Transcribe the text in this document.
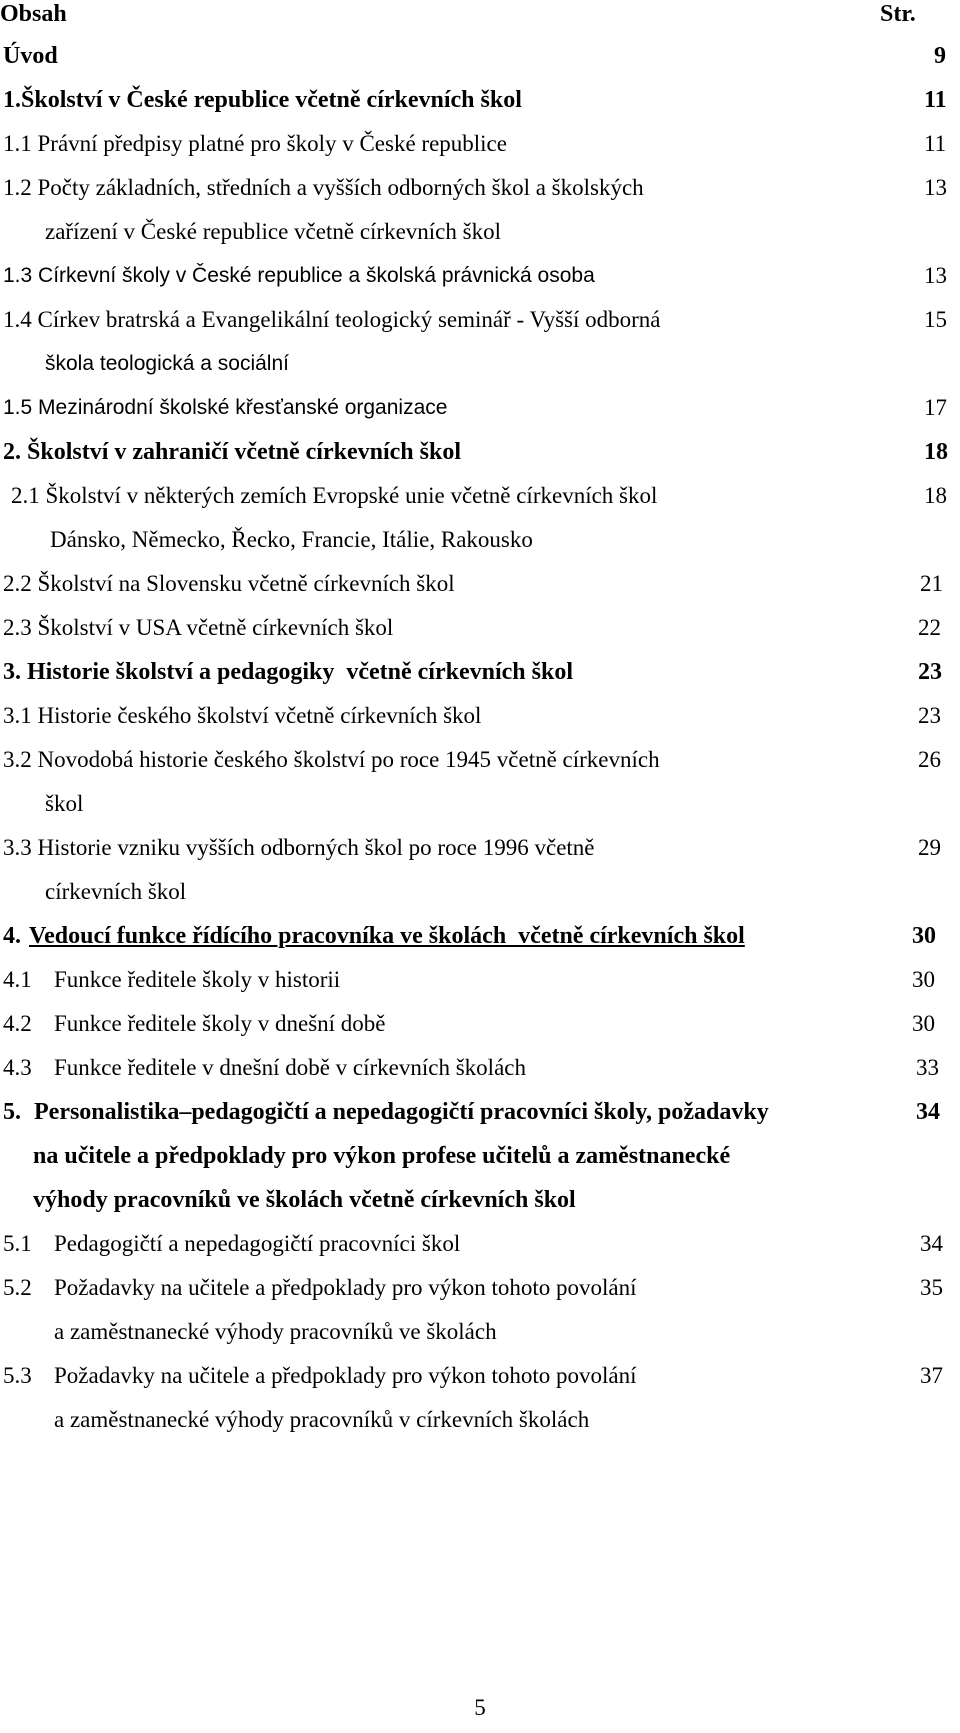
Obsah	Str.
Úvod	9
1.Školství v České republice včetně církevních škol	11
1.1 Právní předpisy platné pro školy v České republice	11
1.2 Počty základních, středních a vyšších odborných škol a školských	13
zařízení v České republice včetně církevních škol
1.3 Církevní školy v České republice a školská právnická osoba	13
1.4 Církev bratrská a Evangelikální teologický seminář - Vyšší odborná	15
škola teologická a sociální
1.5 Mezinárodní školské křesťanské organizace	17
2. Školství v zahraničí včetně církevních škol	18
2.1 Školství v některých zemích Evropské unie včetně církevních škol	18
Dánsko, Německo, Řecko, Francie, Itálie, Rakousko
2.2 Školství na Slovensku včetně církevních škol	21
2.3 Školství v USA včetně církevních škol	22
3. Historie školství a pedagogiky  včetně církevních škol	23
3.1 Historie českého školství včetně církevních škol	23
3.2 Novodobá historie českého školství po roce 1945 včetně církevních	26
škol
3.3 Historie vzniku vyšších odborných škol po roce 1996 včetně	29
církevních škol
4. Vedoucí funkce řídícího pracovníka ve školách  včetně církevních škol	30
4.1 Funkce ředitele školy v historii	30
4.2 Funkce ředitele školy v dnešní době	30
4.3 Funkce ředitele v dnešní době v církevních školách	33
5. Personalistika–pedagogičtí a nepedagogičtí pracovníci školy, požadavky	34
na učitele a předpoklady pro výkon profese učitelů a zaměstnanecké
výhody pracovníků ve školách včetně církevních škol
5.1 Pedagogičtí a nepedagogičtí pracovníci škol	34
5.2 Požadavky na učitele a předpoklady pro výkon tohoto povolání	35
a zaměstnanecké výhody pracovníků ve školách
5.3 Požadavky na učitele a předpoklady pro výkon tohoto povolání	37
a zaměstnanecké výhody pracovníků v církevních školách
5
